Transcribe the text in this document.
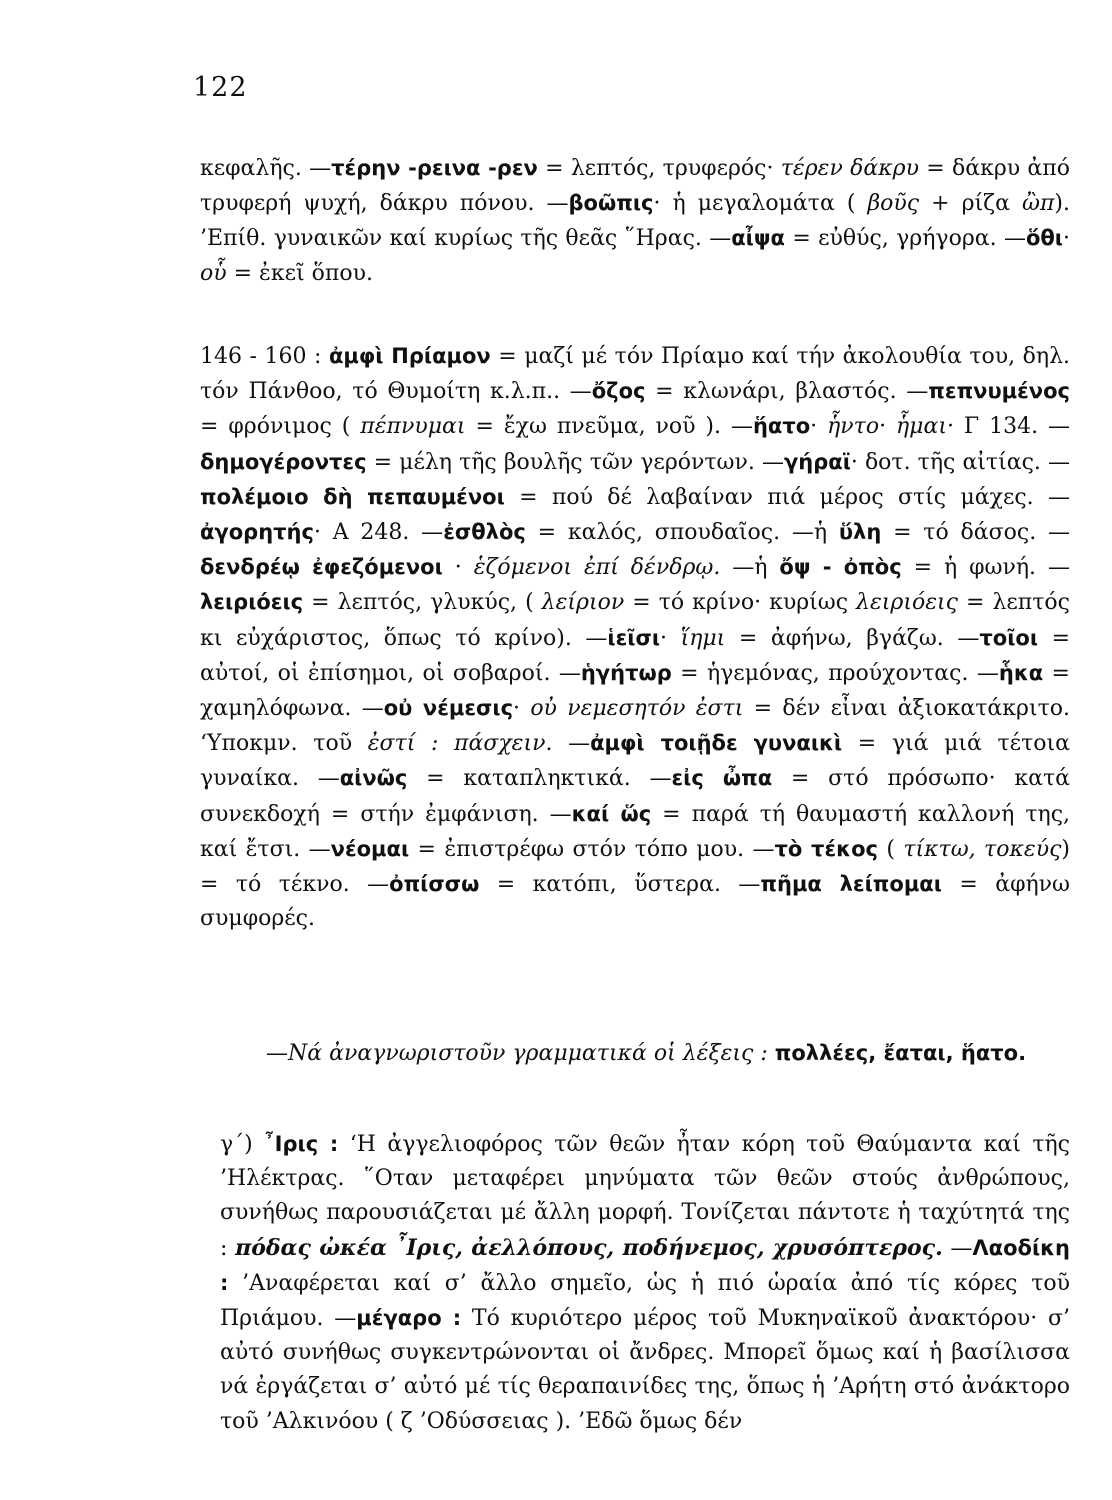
122

κεφαλῆς. —τέρην -ρεινα -ρεν = λεπτός, τρυφερός· τέρεν δάκρυ = δάκρυ ἀπό τρυφερή ψυχή, δάκρυ πόνου. —βοῶπις· ἡ μεγαλομάτα ( βοῦς + ρίζα ὢπ). ’Επίθ. γυναικῶν καί κυρίως τῆς θεᾶς ῞Ηρας. —αἶψα = εὐθύς, γρήγορα. —ὅθι· οὗ = ἐκεῖ ὅπου.

146 - 160 : ἀμφὶ Πρίαμον = μαζί μέ τόν Πρίαμο καί τήν ἀκολουθία του, δηλ. τόν Πάνθοο, τό Θυμοίτη κ.λ.π.. —ὄζος = κλωνάρι, βλαστός. —πεπνυμένος = φρόνιμος ( πέπνυμαι = ἔχω πνεῦμα, νοῦ ). —ἥατο· ἧντο· ἧμαι· Γ 134. —δημογέροντες = μέλη τῆς βουλῆς τῶν γερόντων. —γήραϊ· δοτ. τῆς αἰτίας. —πολέμοιο δὴ πεπαυμένοι = πού δέ λαβαίναν πιά μέρος στίς μάχες. —ἀγορητής· Α 248. —ἐσθλὸς = καλός, σπουδαῖος. —ἡ ὕλη = τό δάσος. —δενδρέῳ ἐφεζόμενοι · ἑζόμενοι ἐπί δένδρῳ. —ἡ ὄψ - ὀπὸς = ἡ φωνή. —λειριόεις = λεπτός, γλυκύς, ( λείριον = τό κρίνο· κυρίως λειριόεις = λεπτός κι εὐχάριστος, ὅπως τό κρίνο). —ἱεῖσι· ἵημι = ἀφήνω, βγάζω. —τοῖοι = αὐτοί, οἱ ἐπίσημοι, οἱ σοβαροί. —ἡγήτωρ = ἡγεμόνας, προύχοντας. —ἧκα = χαμηλόφωνα. —οὐ νέμεσις· οὐ νεμεσητόν ἐστι = δέν εἶναι ἀξιοκατάκριτο. ‘Υποκμν. τοῦ ἐστί : πάσχειν. —ἀμφὶ τοιῇδε γυναικὶ = γιά μιά τέτοια γυναίκα. —αἰνῶς = καταπληκτικά. —εἰς ὦπα = στό πρόσωπο· κατά συνεκδοχή = στήν ἐμφάνιση. —καί ὥς = παρά τή θαυμαστή καλλονή της, καί ἔτσι. —νέομαι = ἐπιστρέφω στόν τόπο μου. —τὸ τέκος ( τίκτω, τοκεύς) = τό τέκνο. —ὀπίσσω = κατόπι, ὕστερα. —πῆμα λείπομαι = ἀφήνω συμφορές.

—Νά ἀναγνωριστοῦν γραμματικά οἱ λέξεις : πολλέες, ἔαται, ἥατο.

γ΄) ῏Ιρις : ‘Η ἀγγελιοφόρος τῶν θεῶν ἦταν κόρη τοῦ Θαύμαντα καί τῆς ’Ηλέκτρας. ῞Οταν μεταφέρει μηνύματα τῶν θεῶν στούς ἀνθρώπους, συνήθως παρουσιάζεται μέ ἄλλη μορφή. Τονίζεται πάντοτε ἡ ταχύτητά της : πόδας ὠκέα ῏Ιρις, ἀελλόπους, ποδήνεμος, χρυσόπτερος. —Λαοδίκη : ’Αναφέρεται καί σ’ ἄλλο σημεῖο, ὡς ἡ πιό ὡραία ἀπό τίς κόρες τοῦ Πριάμου. —μέγαρο : Τό κυριότερο μέρος τοῦ Μυκηναϊκοῦ ἀνακτόρου· σ’ αὐτό συνήθως συγκεντρώνονται οἱ ἄνδρες. Μπορεῖ ὅμως καί ἡ βασίλισσα νά ἐργάζεται σ’ αὐτό μέ τίς θεραπαινίδες της, ὅπως ἡ ’Αρήτη στό ἀνάκτορο τοῦ ’Αλκινόου ( ζ ’Οδύσσειας ). ’Εδῶ ὅμως δέν
